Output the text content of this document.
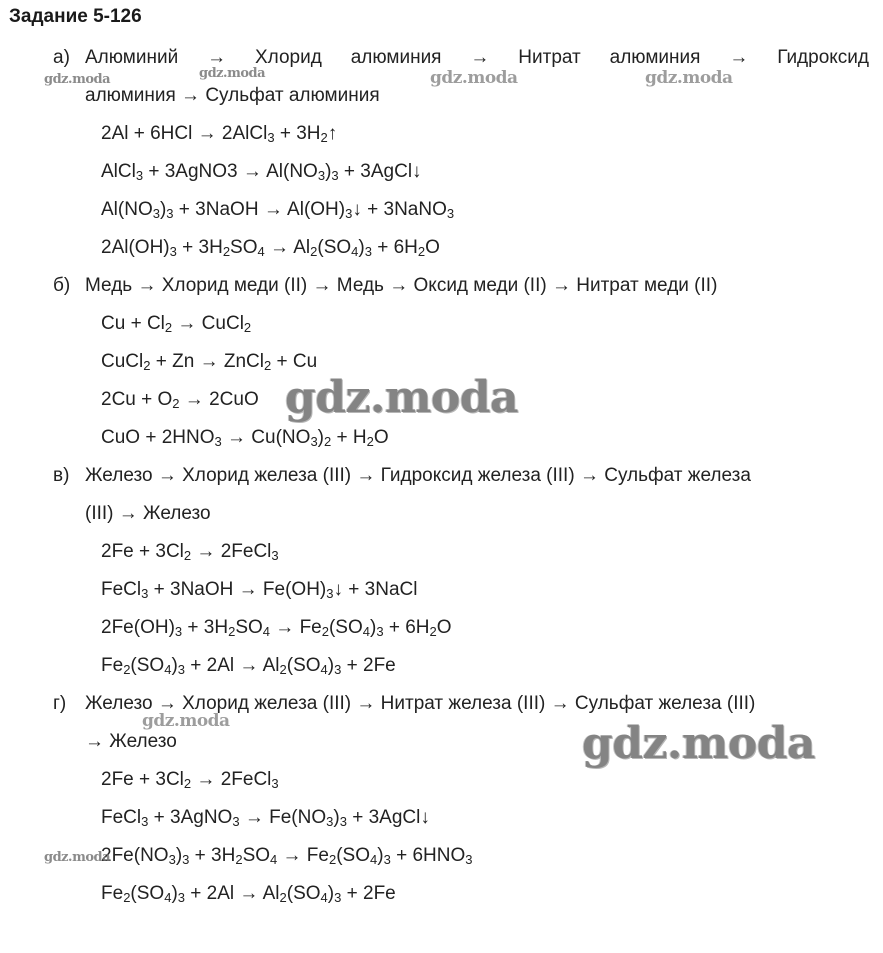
Задание 5-126
а) Алюминий → Хлорид алюминия → Нитрат алюминия → Гидроксид
алюминия → Сульфат алюминия
2Al + 6HCl → 2AlCl$_3$ + $3H_2↑$
AlCl$_3$ + 3AgNO3 → $Al(NO_3)_3$ + 3AgCl↓
$Al(NO_3)_3$ + 3NaOH → $Al(OH)_3↓$ + 3NaNO$_3$
$2Al(OH)_3 + 3H_2SO_4 \to Al_2(SO_4)_3 + 6H_2O$
б) Медь → Хлорид меди (II) → Медь → Оксид меди (II) → Нитрат меди (II)
$Cu + Cl_2$ → CuCl$_2$
CuCl$_2$ + Zn → ZnCl$_2$ + Cu
$2Cu + O_2 \to 2CuO$
CuO + $2HNO_3 \to Cu(NO_3)_2 + H_2O$
в) Железо → Хлорид железа (III) → Гидроксид железа (III) → Сульфат железа
(III) → Железо
$2Fe + 3Cl_2$ → 2FeCl$_3$
FeCl$_3$ + 3NaOH → $Fe(OH)_3↓$ + 3NaCl
$2Fe(OH)_3 + 3H_2SO_4 \to Fe_2(SO_4)_3 + 6H_2O$
$Fe_2(SO_4)_3 + 2Al \to Al_2(SO_4)_3 + 2Fe$
г) Железо → Хлорид железа (III) → Нитрат железа (III) → Сульфат железа (III)
→ Железо
$2Fe + 3Cl_2$ → 2FeCl$_3$
FeCl$_3$ + 3AgNO$_3$ → $Fe(NO_3)_3$ + 3AgCl↓
$2Fe(NO_3)_3 + 3H_2SO_4 \to Fe_2(SO_4)_3 + 6HNO_3$
$Fe_2(SO_4)_3 + 2Al \to Al_2(SO_4)_3 + 2Fe$
gdz.moda	gdz.moda	gdz.moda	gdz.moda
gdz.moda
gdz.moda	gdz.moda
gdz.moda
